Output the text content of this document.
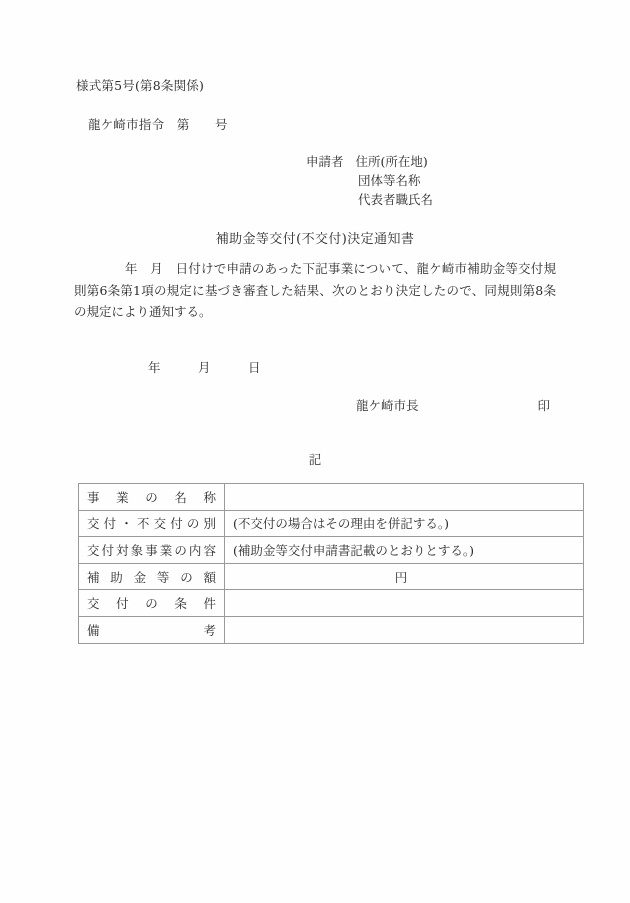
様式第5号(第8条関係)
龍ケ崎市指令　第　　号
申請者 住所(所在地)
団体等名称
代表者職氏名
補助金等交付(不交付)決定通知書
　　　　年　月　日付けで申請のあった下記事業について、龍ケ崎市補助金等交付規則第6条第1項の規定に基づき審査した結果、次のとおり決定したので、同規則第8条の規定により通知する。
年　　　月　　　日
龍ケ崎市長	印
記
事業の名称	
交付・不交付の別	(不交付の場合はその理由を併記する。)
交付対象事業の内容	(補助金等交付申請書記載のとおりとする。)
補助金等の額	円
交付の条件	
備考	
